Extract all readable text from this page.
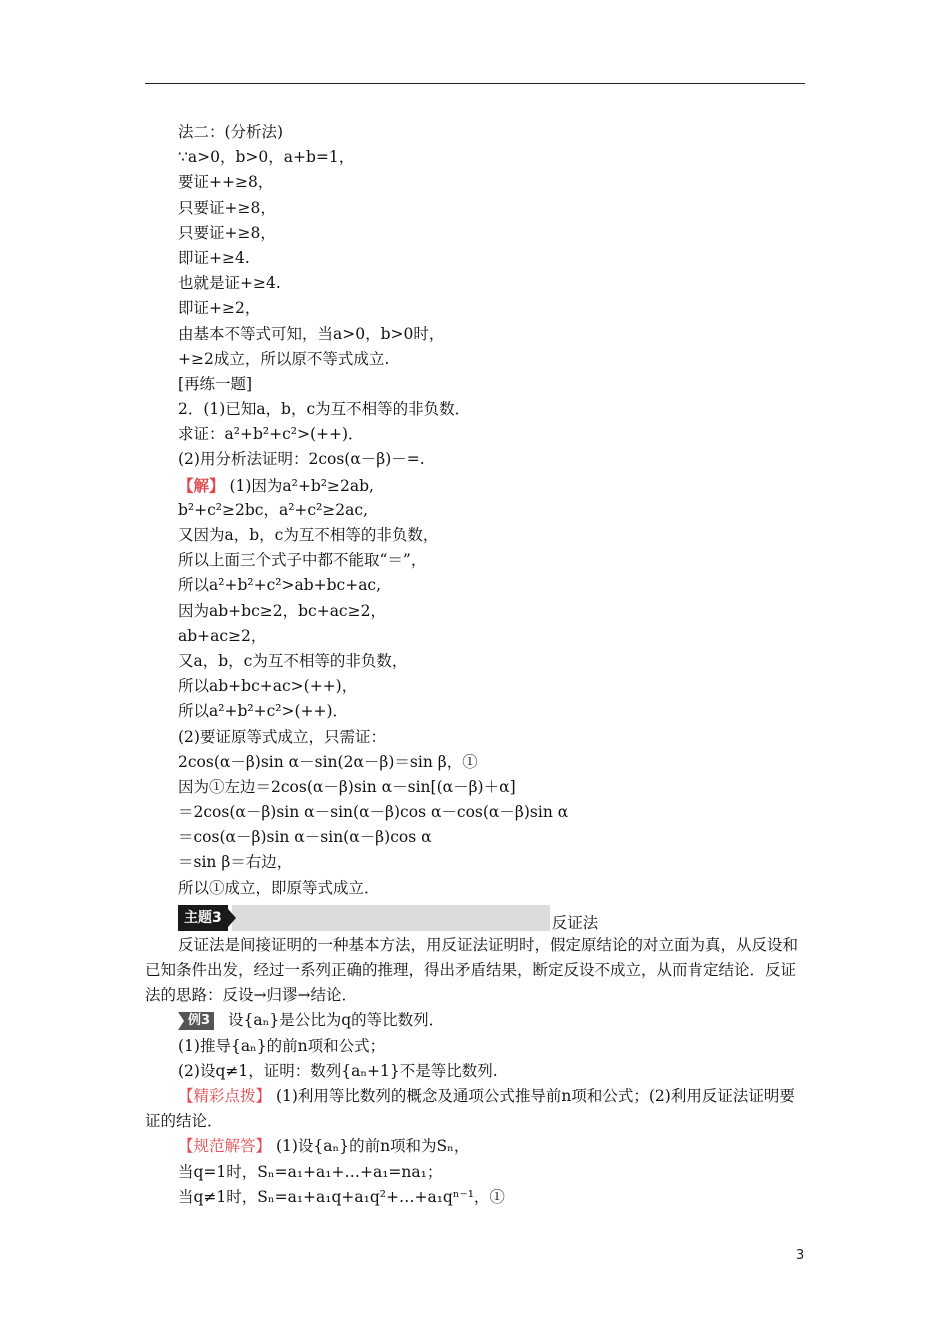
法二：(分析法)
∵a>0，b>0，a+b=1，
要证++≥8，
只要证+≥8，
只要证+≥8，
即证+≥4.
也就是证+≥4.
即证+≥2，
由基本不等式可知，当a>0，b>0时，
+≥2成立，所以原不等式成立.
[再练一题]
2．(1)已知a，b，c为互不相等的非负数．
求证：a²+b²+c²>(++)．
(2)用分析法证明：2cos(α－β)－=.
【解】 (1)因为a²+b²≥2ab,
b²+c²≥2bc，a²+c²≥2ac,
又因为a，b，c为互不相等的非负数，
所以上面三个式子中都不能取“＝”，
所以a²+b²+c²>ab+bc+ac,
因为ab+bc≥2，bc+ac≥2，
ab+ac≥2，
又a，b，c为互不相等的非负数，
所以ab+bc+ac>(++)，
所以a²+b²+c²>(++)．
(2)要证原等式成立，只需证：
2cos(α－β)sin α－sin(2α－β)＝sin β，①
因为①左边＝2cos(α－β)sin α－sin[(α－β)＋α]
＝2cos(α－β)sin α－sin(α－β)cos α－cos(α－β)sin α
＝cos(α－β)sin α－sin(α－β)cos α
＝sin β＝右边，
所以①成立，即原等式成立．
主题3	反证法

反证法是间接证明的一种基本方法，用反证法证明时，假定原结论的对立面为真，从反设和已知条件出发，经过一系列正确的推理，得出矛盾结果，断定反设不成立，从而肯定结论．反证法的思路：反设→归谬→结论．

例3 设{aₙ}是公比为q的等比数列．
(1)推导{aₙ}的前n项和公式；
(2)设q≠1，证明：数列{aₙ+1}不是等比数列.

【精彩点拨】 (1)利用等比数列的概念及通项公式推导前n项和公式；(2)利用反证法证明要证的结论．

【规范解答】 (1)设{aₙ}的前n项和为Sₙ，
当q=1时，Sₙ=a₁+a₁+…+a₁=na₁；
当q≠1时，Sₙ=a₁+a₁q+a₁q²+…+a₁qⁿ⁻¹，①
3
